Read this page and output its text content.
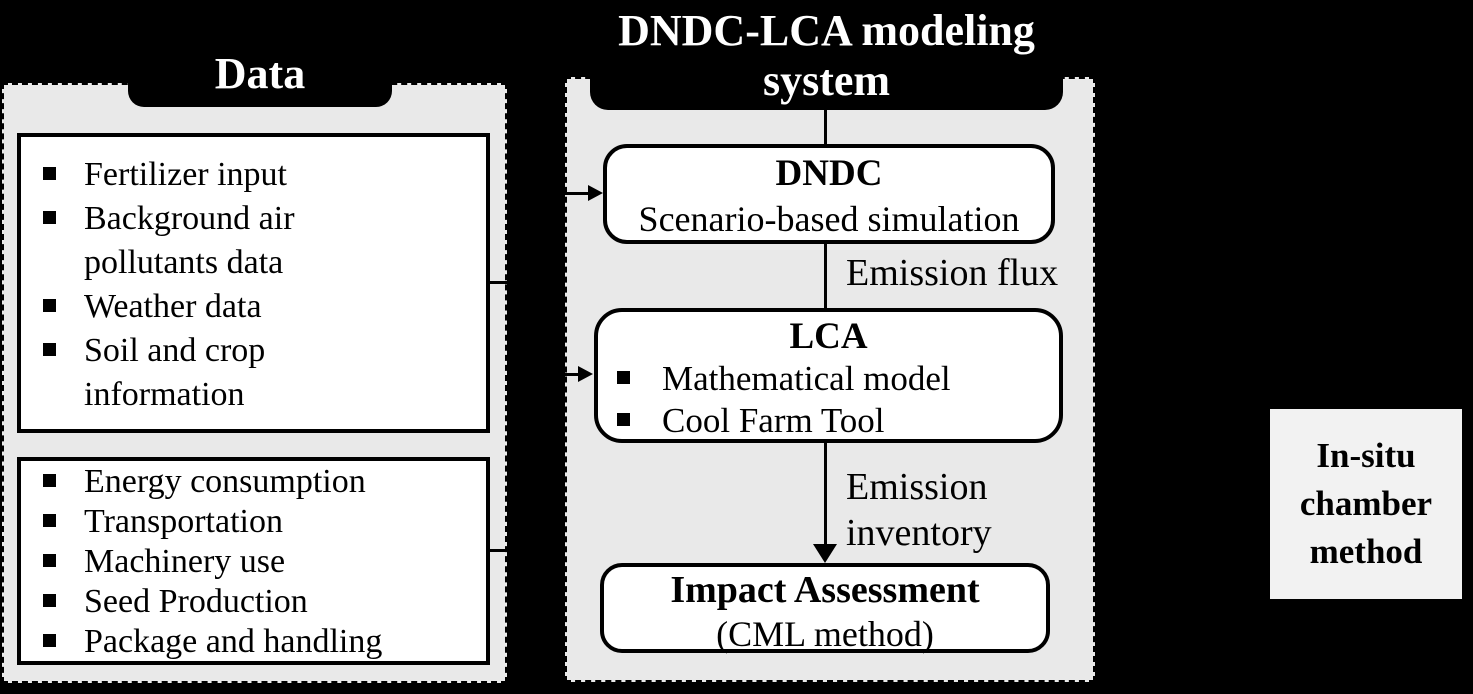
Data
Fertilizer input
Background air pollutants data
Weather data
Soil and crop information
Energy consumption
Transportation
Machinery use
Seed Production
Package and handling
DNDC-LCA modeling system
DNDC
Scenario-based simulation
Emission flux
LCA
Mathematical model
Cool Farm Tool
Emission inventory
Impact Assessment
(CML method)
In-situ chamber method
